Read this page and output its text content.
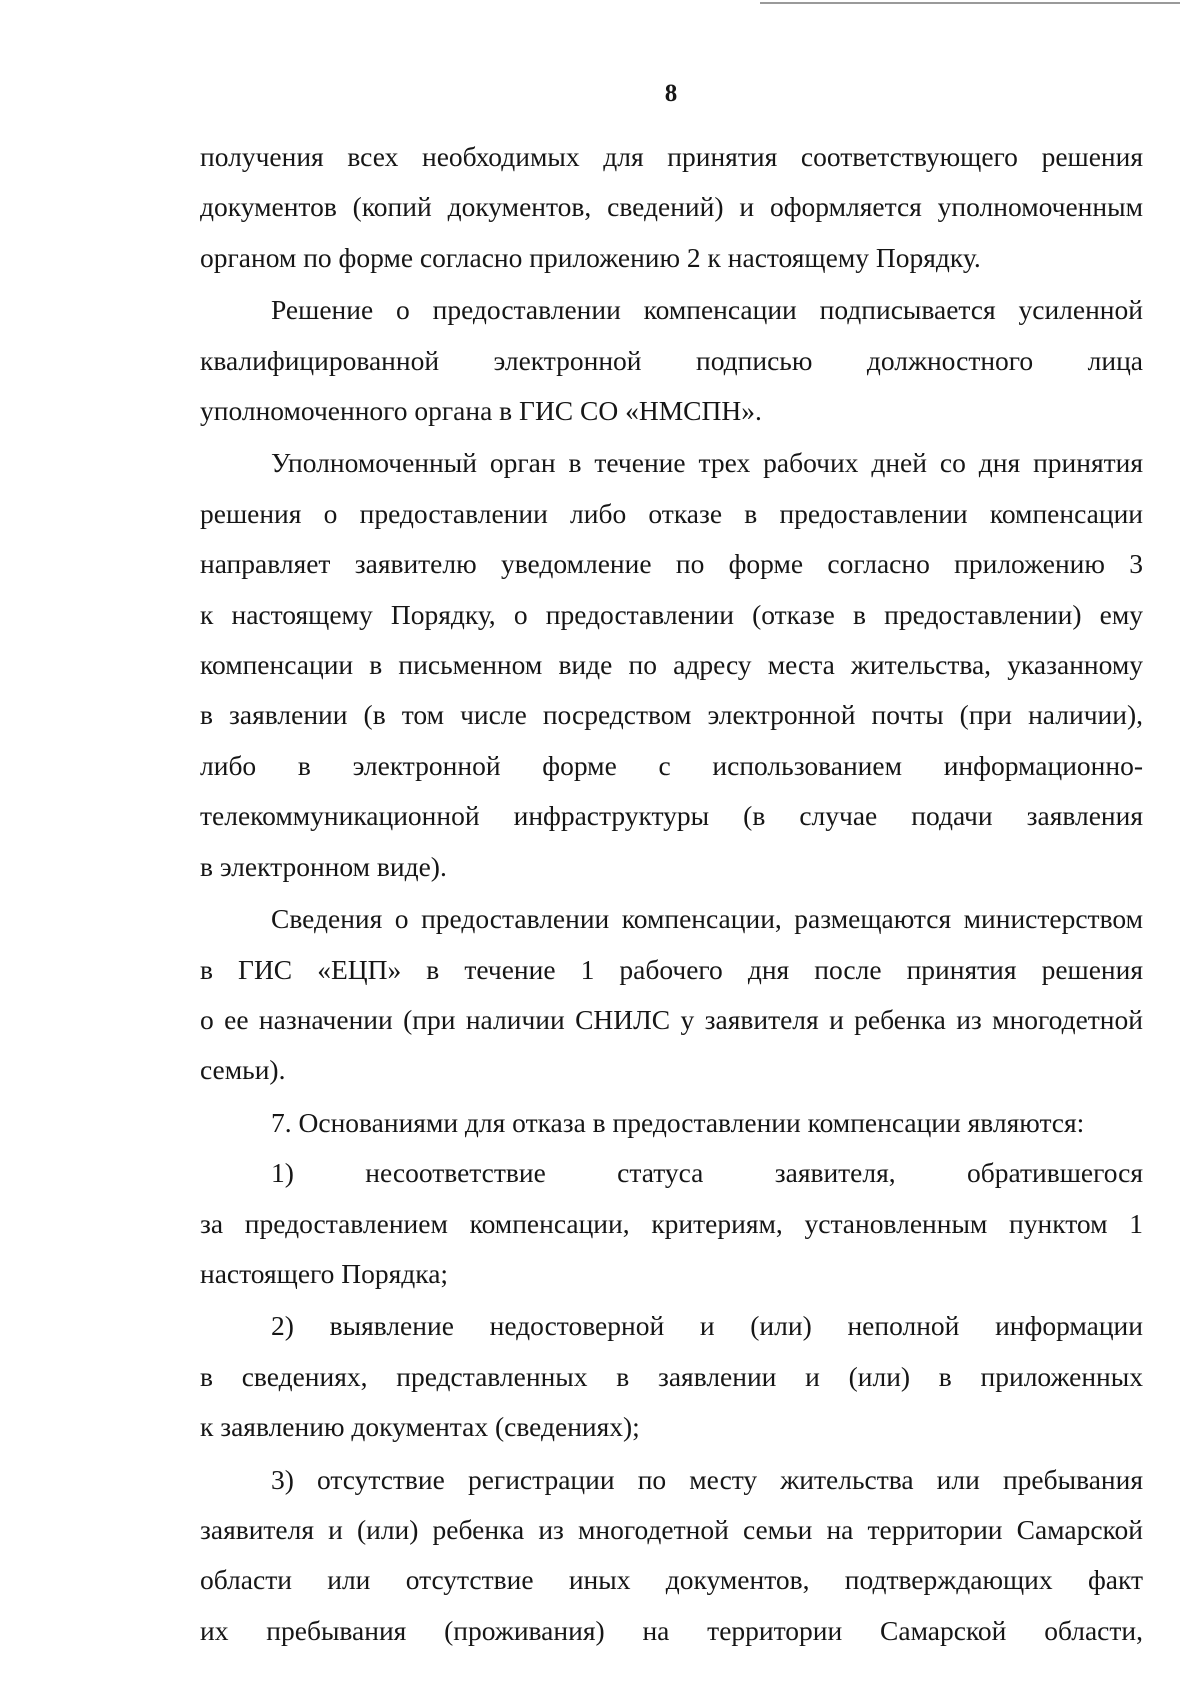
8

получения всех необходимых для принятия соответствующего решения
документов (копий документов, сведений) и оформляется уполномоченным
органом по форме согласно приложению 2 к настоящему Порядку.

Решение о предоставлении компенсации подписывается усиленной
квалифицированной электронной подписью должностного лица
уполномоченного органа в ГИС СО «НМСПН».

Уполномоченный орган в течение трех рабочих дней со дня принятия
решения о предоставлении либо отказе в предоставлении компенсации
направляет заявителю уведомление по форме согласно приложению 3
к настоящему Порядку, о предоставлении (отказе в предоставлении) ему
компенсации в письменном виде по адресу места жительства, указанному
в заявлении (в том числе посредством электронной почты (при наличии),
либо в электронной форме с использованием информационно-
телекоммуникационной инфраструктуры (в случае подачи заявления
в электронном виде).

Сведения о предоставлении компенсации, размещаются министерством
в ГИС «ЕЦП» в течение 1 рабочего дня после принятия решения
о ее назначении (при наличии СНИЛС у заявителя и ребенка из многодетной
семьи).

7. Основаниями для отказа в предоставлении компенсации являются:

1) несоответствие статуса заявителя, обратившегося
за предоставлением компенсации, критериям, установленным пунктом 1
настоящего Порядка;

2) выявление недостоверной и (или) неполной информации
в сведениях, представленных в заявлении и (или) в приложенных
к заявлению документах (сведениях);

3) отсутствие регистрации по месту жительства или пребывания
заявителя и (или) ребенка из многодетной семьи на территории Самарской
области или отсутствие иных документов, подтверждающих факт
их пребывания (проживания) на территории Самарской области,
